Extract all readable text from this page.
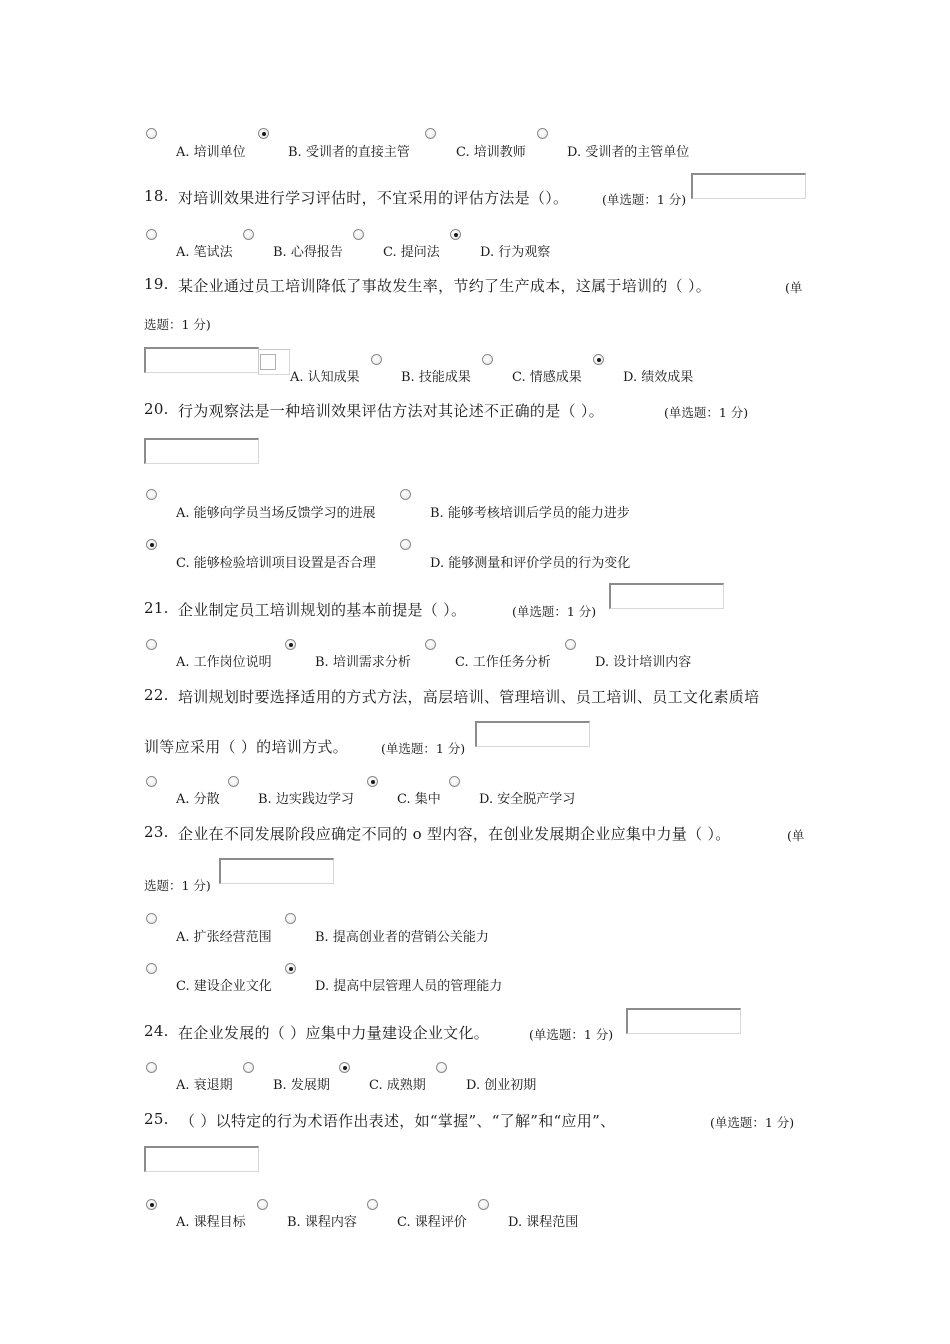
A. 培训单位	B. 受训者的直接主管	C. 培训教师	D. 受训者的主管单位
18. 对培训效果进行学习评估时，不宜采用的评估方法是（）。	(单选题：1 分)
A. 笔试法	B. 心得报告	C. 提问法	D. 行为观察
19. 某企业通过员工培训降低了事故发生率，节约了生产成本，这属于培训的（ ）。	(单
选题：1 分)
A. 认知成果	B. 技能成果	C. 情感成果	D. 绩效成果
20. 行为观察法是一种培训效果评估方法对其论述不正确的是（ ）。	(单选题：1 分)
A. 能够向学员当场反馈学习的进展	B. 能够考核培训后学员的能力进步
C. 能够检验培训项目设置是否合理	D. 能够测量和评价学员的行为变化
21. 企业制定员工培训规划的基本前提是（ ）。	(单选题：1 分)
A. 工作岗位说明	B. 培训需求分析	C. 工作任务分析	D. 设计培训内容
22. 培训规划时要选择适用的方式方法，高层培训、管理培训、员工培训、员工文化素质培
训等应采用（ ）的培训方式。	(单选题：1 分)
A. 分散	B. 边实践边学习	C. 集中	D. 安全脱产学习
23. 企业在不同发展阶段应确定不同的 o 型内容，在创业发展期企业应集中力量（ ）。	(单
选题：1 分)
A. 扩张经营范围	B. 提高创业者的营销公关能力
C. 建设企业文化	D. 提高中层管理人员的管理能力
24. 在企业发展的（ ）应集中力量建设企业文化。	(单选题：1 分)
A. 衰退期	B. 发展期	C. 成熟期	D. 创业初期
25. （ ）以特定的行为术语作出表述，如“掌握”、“了解”和“应用”、	(单选题：1 分)
A. 课程目标	B. 课程内容	C. 课程评价	D. 课程范围
